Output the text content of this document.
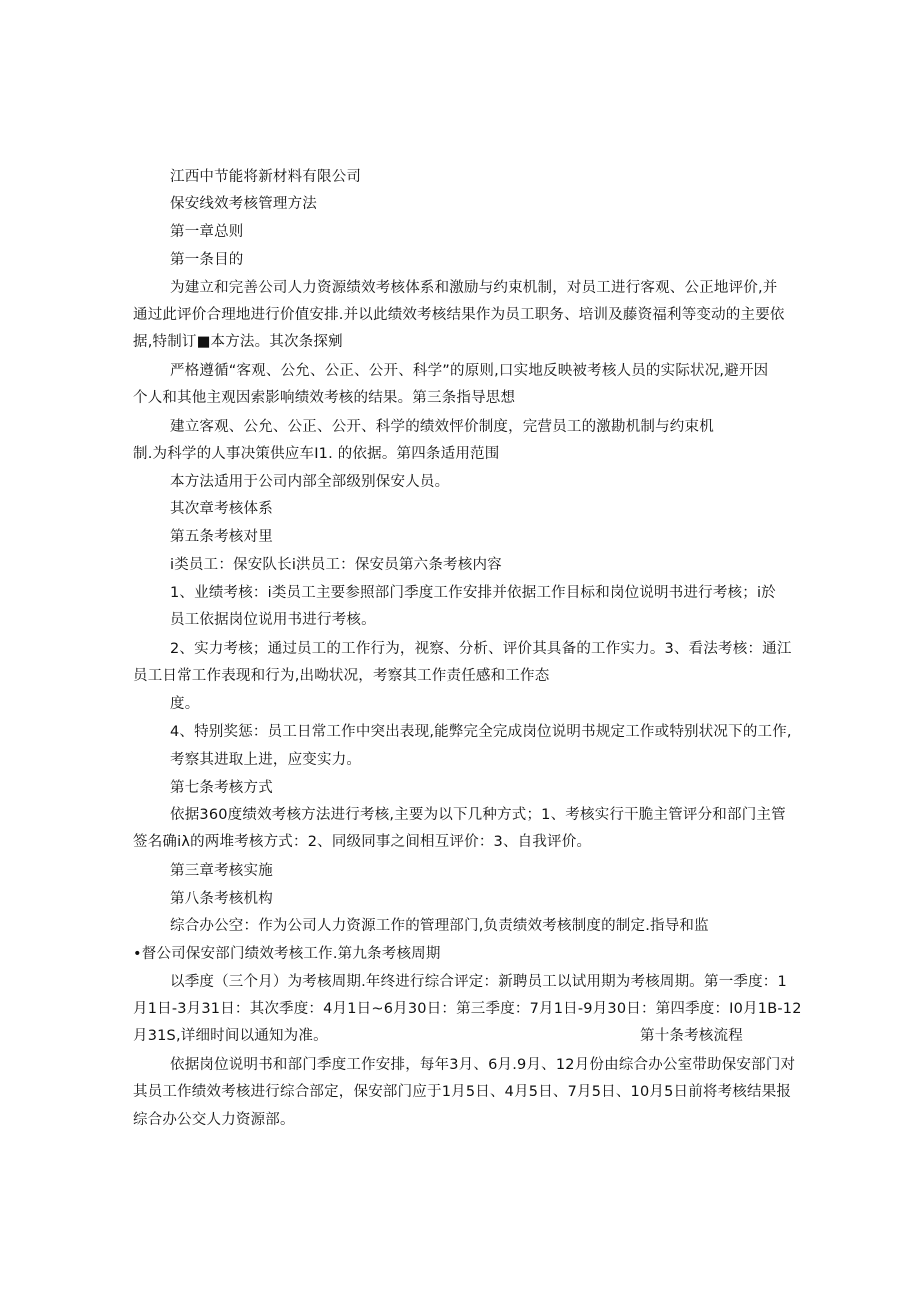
江西中节能将新材料有限公司

保安线效考核管理方法

第一章总则

第一条目的

为建立和完善公司人力资源绩效考核体系和激励与约束机制，对员工进行客观、公正地评价,并

通过此评价合理地进行价值安排.并以此绩效考核结果作为员工职务、培训及藤资福利等变动的主要依

据,特制订■本方法。其次条探剜

严格遵循“客观、公允、公正、公开、科学”的原则,口实地反映被考核人员的实际状况,避开因

个人和其他主观因索影响绩效考核的结果。第三条指导思想

建立客观、公允、公正、公开、科学的绩效怦价制度，完营员工的激勘机制与约束机

制.为科学的人事决策供应车I1. 的依据。第四条适用范围

本方法适用于公司内部全部级别保安人员。

其次章考核体系

第五条考核对里

i类员工：保安队长i洪员工：保安员第六条考核内容

1、业绩考核：i类员工主要参照部门季度工作安排并依据工作目标和岗位说明书进行考核；i於

员工依据岗位说用书进行考核。

2、实力考核；通过员工的工作行为，视察、分析、评价其具备的工作实力。3、看法考核：通江

员工日常工作表现和行为,出呦状况，考察其工作责任感和工作态

度。

4、特别奖惩：员工日常工作中突出表现,能弊完全完成岗位说明书规定工作或特别状况下的工作,

考察其进取上进，应变实力。

第七条考核方式

依据360度绩效考核方法进行考核,主要为以下几种方式；1、考核实行干脆主管评分和部门主管

签名确iλ的两堆考核方式：2、同级同事之间相互评价：3、自我评价。

第三章考核实施

第八条考核机构

综合办公空：作为公司人力资源工作的管理部门,负责绩效考核制度的制定.指导和监

•督公司保安部门绩效考核工作.第九条考核周期

以季度（三个月）为考核周期.年终进行综合评定：新聘员工以试用期为考核周期。第一季度：1

月1日-3月31日：其次季度：4月1日~6月30日：第三季度：7月1日-9月30日：第四季度：I0月1B-12

月31S,详细时间以通知为准。	第十条考核流程

依据岗位说明书和部门季度工作安排，每年3月、6月.9月、12月份由综合办公室带助保安部门对

其员工作绩效考核进行综合部定，保安部门应于1月5日、4月5日、7月5日、10月5日前将考核结果报

综合办公交人力资源部。
